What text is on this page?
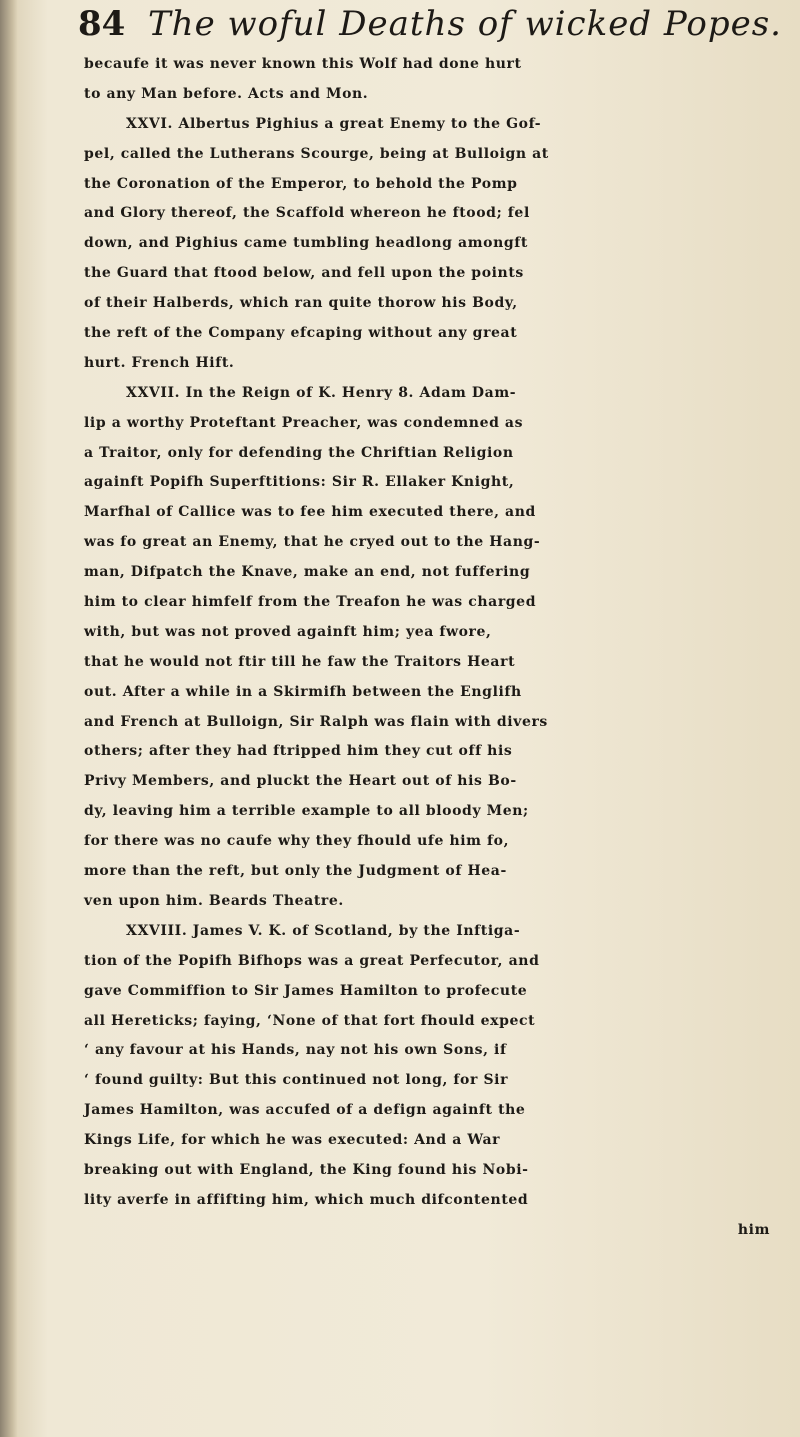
84 The woful Deaths of wicked Popes.
becaufe it was never known this Wolf had done hurt
to any Man before. Acts and Mon.
XXVI. Albertus Pighius a great Enemy to the Gof-
pel, called the Lutherans Scourge, being at Bulloign at
the Coronation of the Emperor, to behold the Pomp
and Glory thereof, the Scaffold whereon he ftood; fel
down, and Pighius came tumbling headlong amongft
the Guard that ftood below, and fell upon the points
of their Halberds, which ran quite thorow his Body,
the reft of the Company efcaping without any great
hurt. French Hift.
XXVII. In the Reign of K. Henry 8. Adam Dam-
lip a worthy Proteftant Preacher, was condemned as
a Traitor, only for defending the Chriftian Religion
againft Popifh Superftitions: Sir R. Ellaker Knight,
Marfhal of Callice was to fee him executed there, and
was fo great an Enemy, that he cryed out to the Hang-
man, Difpatch the Knave, make an end, not fuffering
him to clear himfelf from the Treafon he was charged
with, but was not proved againft him; yea fwore,
that he would not ftir till he faw the Traitors Heart
out. After a while in a Skirmifh between the Englifh
and French at Bulloign, Sir Ralph was flain with divers
others; after they had ftripped him they cut off his
Privy Members, and pluckt the Heart out of his Bo-
dy, leaving him a terrible example to all bloody Men;
for there was no caufe why they fhould ufe him fo,
more than the reft, but only the Judgment of Hea-
ven upon him. Beards Theatre.
XXVIII. James V. K. of Scotland, by the Inftiga-
tion of the Popifh Bifhops was a great Perfecutor, and
gave Commiffion to Sir James Hamilton to profecute
all Hereticks; faying, ‘None of that fort fhould expect
‘ any favour at his Hands, nay not his own Sons, if
‘ found guilty: But this continued not long, for Sir
James Hamilton, was accufed of a defign againft the
Kings Life, for which he was executed: And a War
breaking out with England, the King found his Nobi-
lity averfe in affifting him, which much difcontented
him
